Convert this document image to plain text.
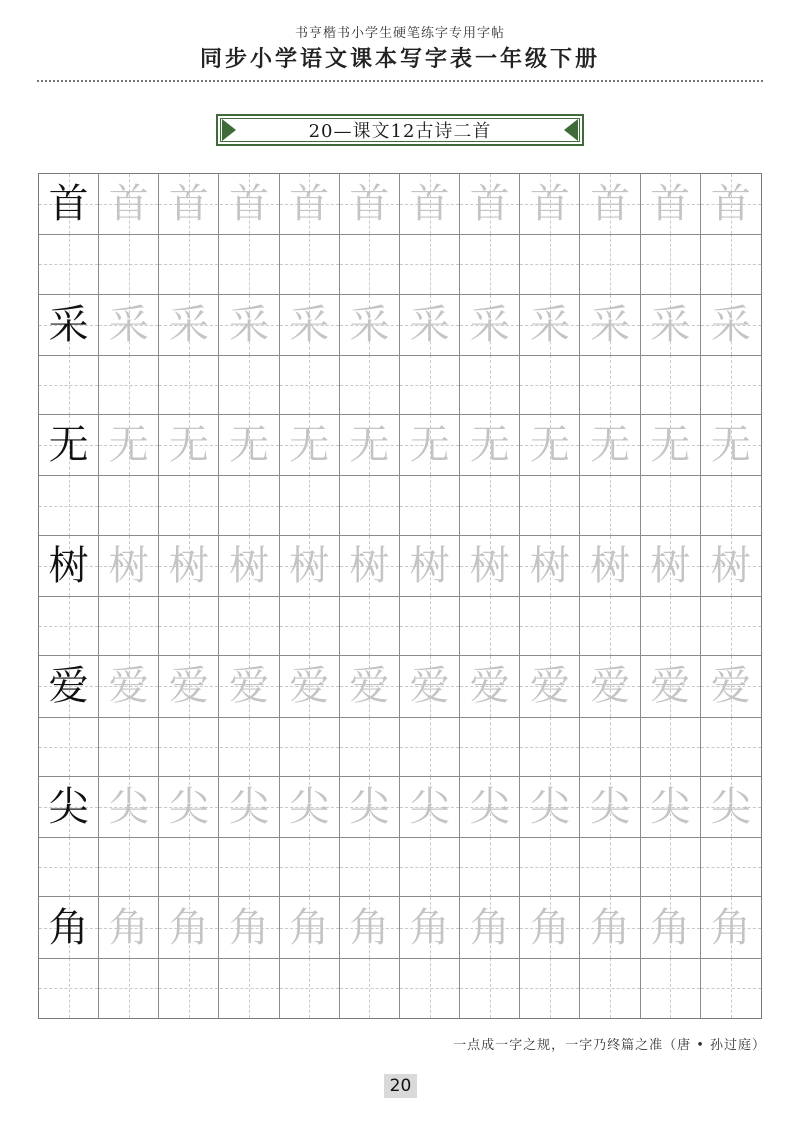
书亨楷书小学生硬笔练字专用字帖
同步小学语文课本写字表一年级下册
20—课文12古诗二首
首 首 首 首 首 首 首 首 首 首 首 首
采 采 采 采 采 采 采 采 采 采 采 采
无 无 无 无 无 无 无 无 无 无 无 无
树 树 树 树 树 树 树 树 树 树 树 树
爱 爱 爱 爱 爱 爱 爱 爱 爱 爱 爱 爱
尖 尖 尖 尖 尖 尖 尖 尖 尖 尖 尖 尖
角 角 角 角 角 角 角 角 角 角 角 角
一点成一字之规，一字乃终篇之准（唐 • 孙过庭）
20
